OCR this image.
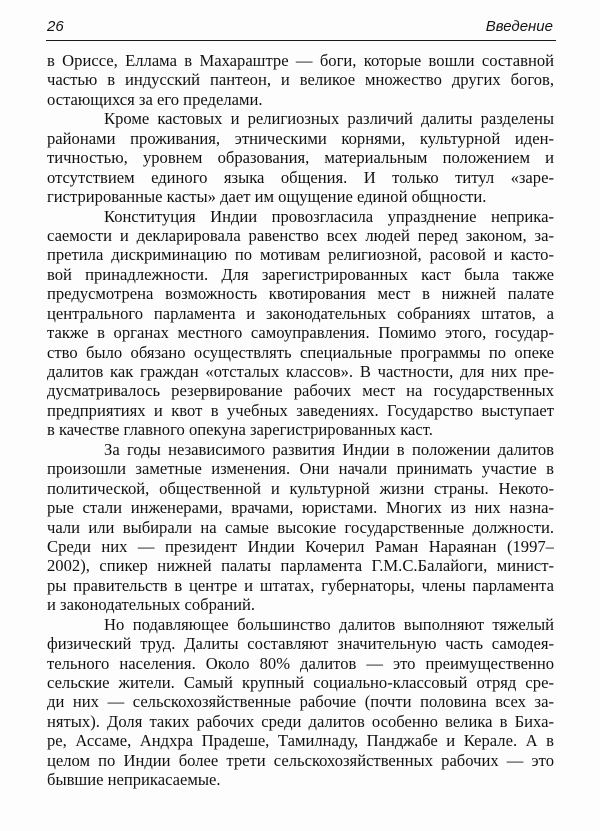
26	Введение
в Ориссе, Еллама в Махараштре — боги, которые вошли составной
частью в индусский пантеон, и великое множество других богов,
остающихся за его пределами.
Кроме кастовых и религиозных различий далиты разделены
районами проживания, этническими корнями, культурной иден-
тичностью, уровнем образования, материальным положением и
отсутствием единого языка общения. И только титул «заре-
гистрированные касты» дает им ощущение единой общности.
Конституция Индии провозгласила упразднение неприка-
саемости и декларировала равенство всех людей перед законом, за-
претила дискриминацию по мотивам религиозной, расовой и касто-
вой принадлежности. Для зарегистрированных каст была также
предусмотрена возможность квотирования мест в нижней палате
центрального парламента и законодательных собраниях штатов, а
также в органах местного самоуправления. Помимо этого, государ-
ство было обязано осуществлять специальные программы по опеке
далитов как граждан «отсталых классов». В частности, для них пре-
дусматривалось резервирование рабочих мест на государственных
предприятиях и квот в учебных заведениях. Государство выступает
в качестве главного опекуна зарегистрированных каст.
За годы независимого развития Индии в положении далитов
произошли заметные изменения. Они начали принимать участие в
политической, общественной и культурной жизни страны. Некото-
рые стали инженерами, врачами, юристами. Многих из них назна-
чали или выбирали на самые высокие государственные должности.
Среди них — президент Индии Кочерил Раман Нараянан (1997–
2002), спикер нижней палаты парламента Г.М.С.Балайоги, минист-
ры правительств в центре и штатах, губернаторы, члены парламента
и законодательных собраний.
Но подавляющее большинство далитов выполняют тяжелый
физический труд. Далиты составляют значительную часть самодея-
тельного населения. Около 80% далитов — это преимущественно
сельские жители. Самый крупный социально-классовый отряд сре-
ди них — сельскохозяйственные рабочие (почти половина всех за-
нятых). Доля таких рабочих среди далитов особенно велика в Биха-
ре, Ассаме, Андхра Прадеше, Тамилнаду, Панджабе и Керале. А в
целом по Индии более трети сельскохозяйственных рабочих — это
бывшие неприкасаемые.
